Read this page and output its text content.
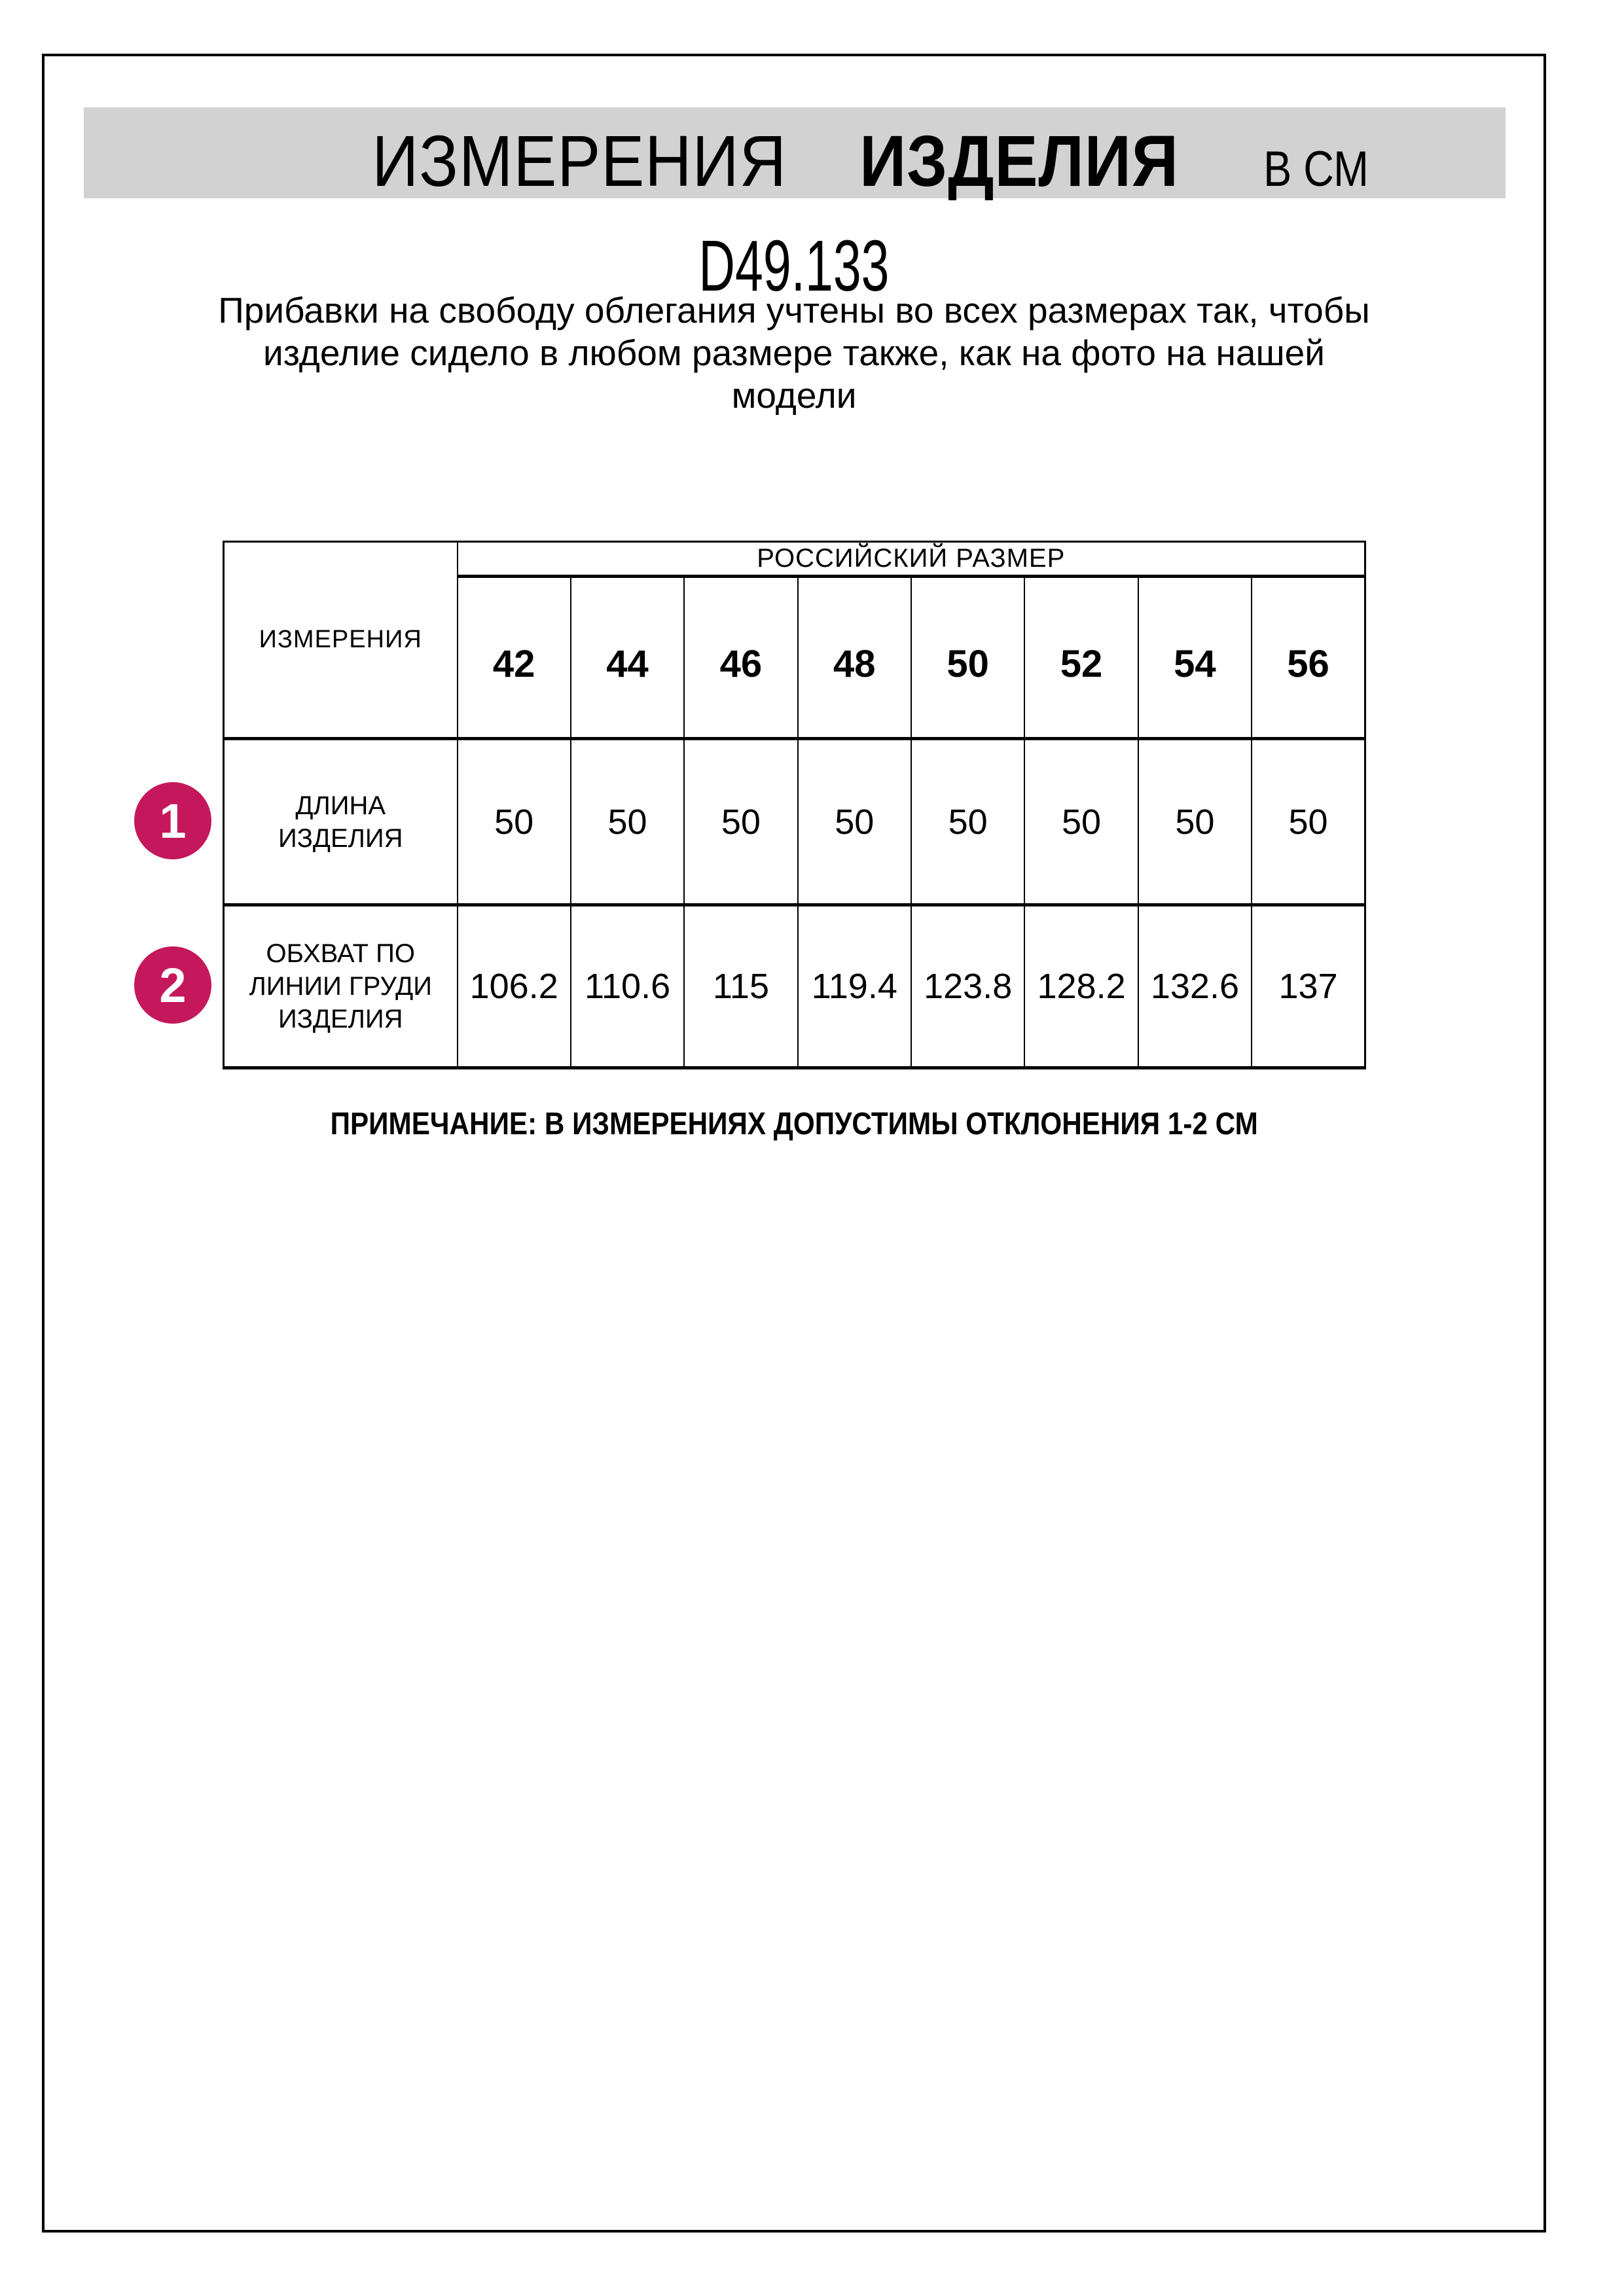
ИЗМЕРЕНИЯ ИЗДЕЛИЯ В СМ
D49.133
Прибавки на свободу облегания учтены во всех размерах так, чтобы
изделие сидело в любом размере также, как на фото на нашей
модели
ИЗМЕРЕНИЯ	РОССИЙСКИЙ РАЗМЕР							
	42	44	46	48	50	52	54	56

ДЛИНА
ИЗДЕЛИЯ	50	50	50	50	50	50	50	50

ОБХВАТ ПО
ЛИНИИ ГРУДИ
ИЗДЕЛИЯ	106.2	110.6	115	119.4	123.8	128.2	132.6	137
1
2
ПРИМЕЧАНИЕ: В ИЗМЕРЕНИЯХ ДОПУСТИМЫ ОТКЛОНЕНИЯ 1-2 СМ
